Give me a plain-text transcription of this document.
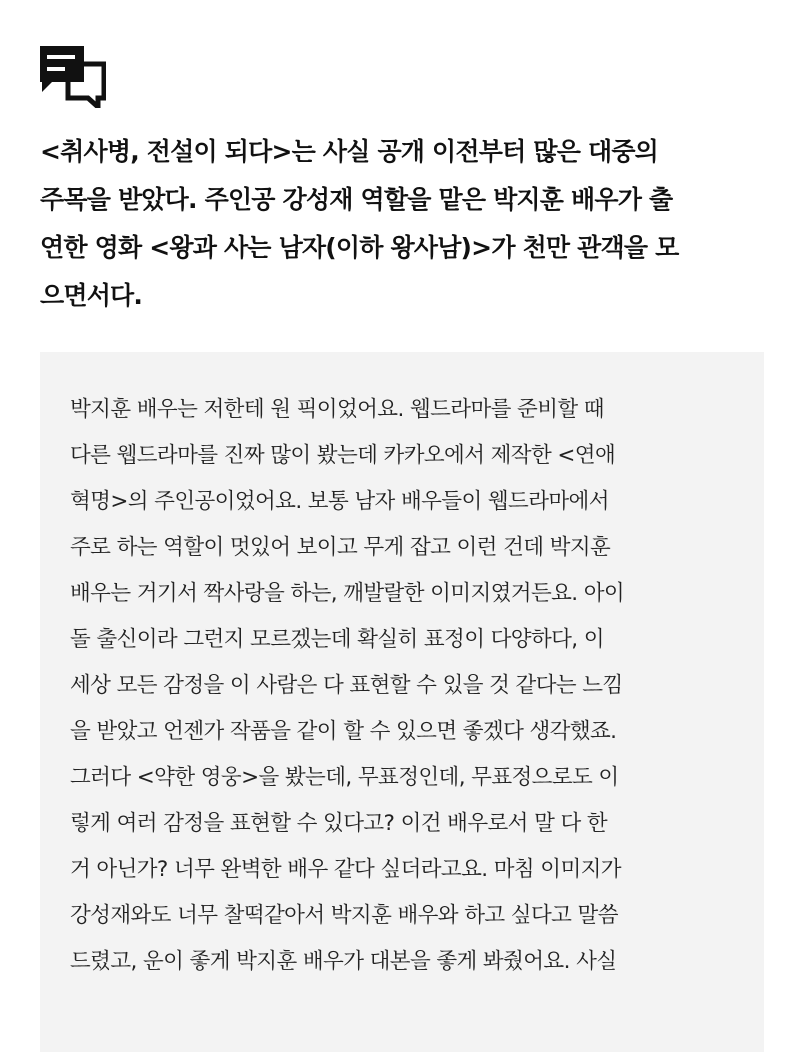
<취사병, 전설이 되다>는 사실 공개 이전부터 많은 대중의
주목을 받았다. 주인공 강성재 역할을 맡은 박지훈 배우가 출
연한 영화 <왕과 사는 남자(이하 왕사남)>가 천만 관객을 모
으면서다.
박지훈 배우는 저한테 원 픽이었어요. 웹드라마를 준비할 때
다른 웹드라마를 진짜 많이 봤는데 카카오에서 제작한 <연애
혁명>의 주인공이었어요. 보통 남자 배우들이 웹드라마에서
주로 하는 역할이 멋있어 보이고 무게 잡고 이런 건데 박지훈
배우는 거기서 짝사랑을 하는, 깨발랄한 이미지였거든요. 아이
돌 출신이라 그런지 모르겠는데 확실히 표정이 다양하다, 이
세상 모든 감정을 이 사람은 다 표현할 수 있을 것 같다는 느낌
을 받았고 언젠가 작품을 같이 할 수 있으면 좋겠다 생각했죠.
그러다 <약한 영웅>을 봤는데, 무표정인데, 무표정으로도 이
렇게 여러 감정을 표현할 수 있다고? 이건 배우로서 말 다 한
거 아닌가? 너무 완벽한 배우 같다 싶더라고요. 마침 이미지가
강성재와도 너무 찰떡같아서 박지훈 배우와 하고 싶다고 말씀
드렸고, 운이 좋게 박지훈 배우가 대본을 좋게 봐줬어요. 사실
